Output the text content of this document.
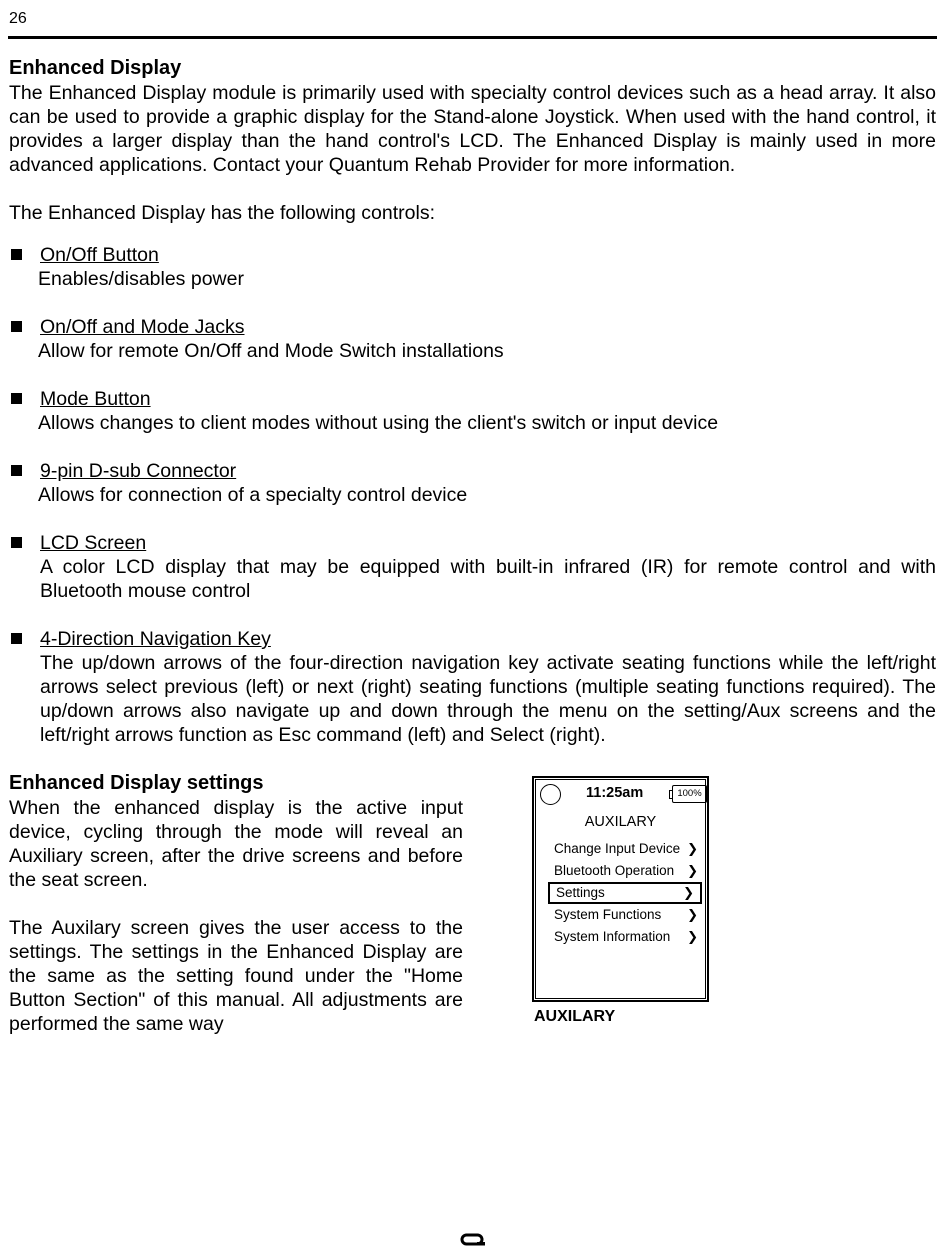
26
Enhanced Display

The Enhanced Display module is primarily used with specialty control devices such as a head array. It also can be used to provide a graphic display for the Stand-alone Joystick. When used with the hand control, it provides a larger display than the hand control's LCD. The Enhanced Display is mainly used in more advanced applications. Contact your Quantum Rehab Provider for more information.

The Enhanced Display has the following controls:

On/Off Button
Enables/disables power
On/Off and Mode Jacks
Allow for remote On/Off and Mode Switch installations
Mode Button
Allows changes to client modes without using the client's switch or input device
9-pin D-sub Connector
Allows for connection of a specialty control device
LCD Screen
A color LCD display that may be equipped with built-in infrared (IR) for remote control and with Bluetooth mouse control
4-Direction Navigation Key
The up/down arrows of the four-direction navigation key activate seating functions while the left/right arrows select previous (left) or next (right) seating functions (multiple seating functions required). The up/down arrows also navigate up and down through the menu on the setting/Aux screens and the left/right arrows function as Esc command (left) and Select (right).
Enhanced Display settings

When the enhanced display is the active input device, cycling through the mode will reveal an Auxiliary screen, after the drive screens and before the seat screen.

The Auxilary screen gives the user access to the settings. The settings in the Enhanced Display are the same as the setting found under the "Home Button Section" of this manual. All adjustments are performed the same way

11:25am	100%
AUXILARY
Change Input Device ❯
Bluetooth Operation ❯
Settings	❯
System Functions ❯
System Information ❯
AUXILARY
